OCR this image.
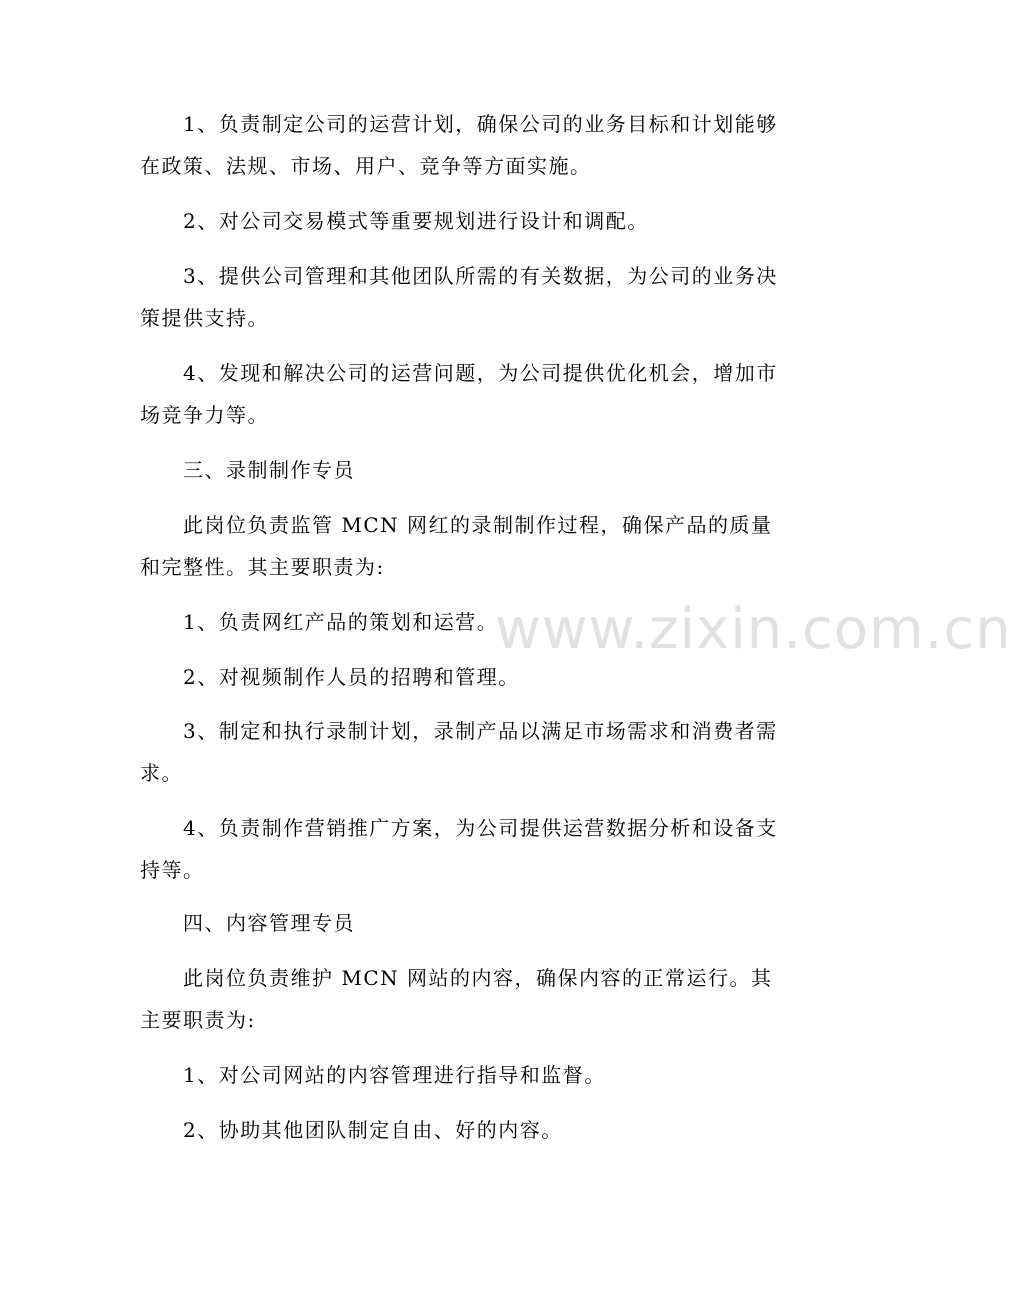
1、负责制定公司的运营计划，确保公司的业务目标和计划能够在政策、法规、市场、用户、竞争等方面实施。

2、对公司交易模式等重要规划进行设计和调配。

3、提供公司管理和其他团队所需的有关数据，为公司的业务决策提供支持。

4、发现和解决公司的运营问题，为公司提供优化机会，增加市场竞争力等。

三、录制制作专员

此岗位负责监管 MCN 网红的录制制作过程，确保产品的质量和完整性。其主要职责为:

1、负责网红产品的策划和运营。

2、对视频制作人员的招聘和管理。

3、制定和执行录制计划，录制产品以满足市场需求和消费者需求。

4、负责制作营销推广方案，为公司提供运营数据分析和设备支持等。

四、内容管理专员

此岗位负责维护 MCN 网站的内容，确保内容的正常运行。其主要职责为:

1、对公司网站的内容管理进行指导和监督。

2、协助其他团队制定自由、好的内容。

www.zixin.com.cn
